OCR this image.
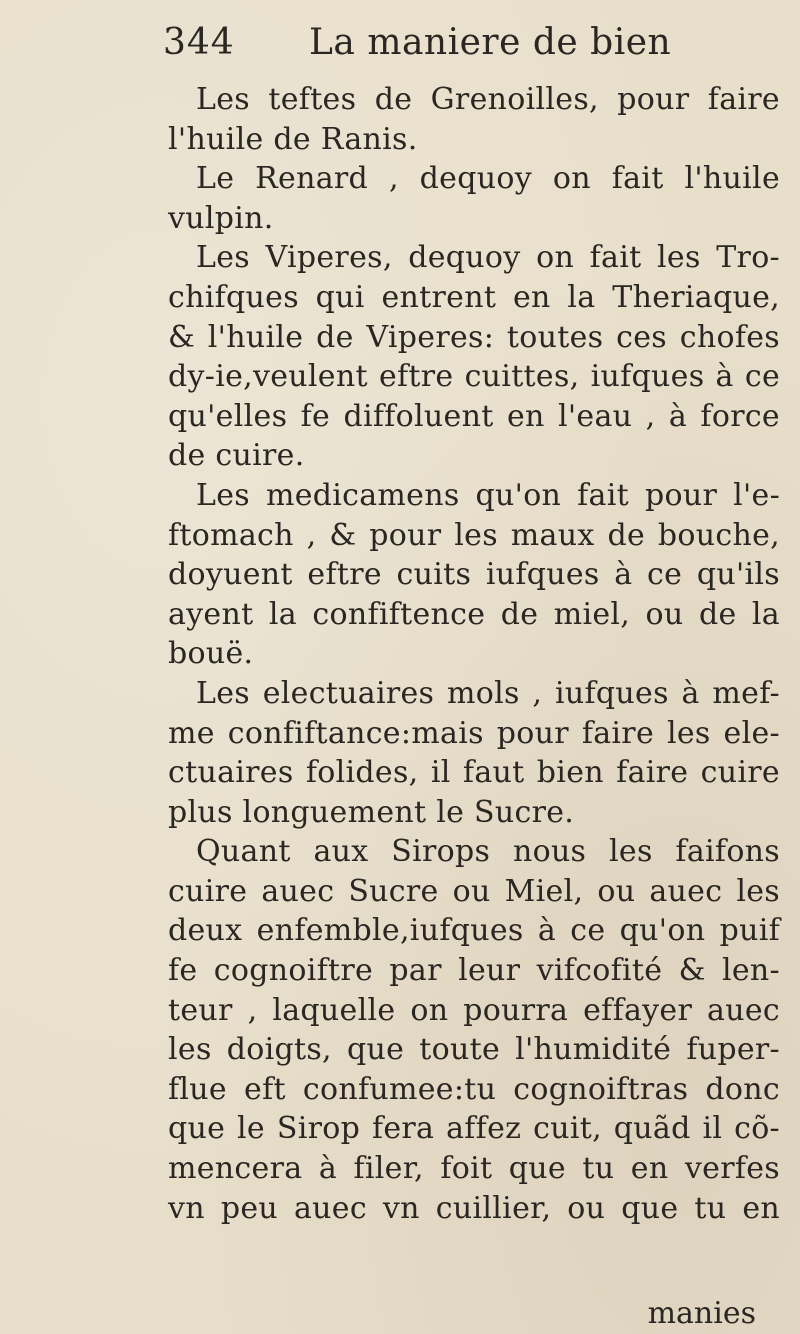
344 La maniere de bien
Les teftes de Grenoilles, pour faire
l'huile de Ranis.
Le Renard , dequoy on fait l'huile
vulpin.
Les Viperes, dequoy on fait les Tro-
chifques qui entrent en la Theriaque,
& l'huile de Viperes: toutes ces chofes
dy-ie,veulent eftre cuittes, iufques à ce
qu'elles fe diffoluent en l'eau , à force
de cuire.
Les medicamens qu'on fait pour l'e-
ftomach , & pour les maux de bouche,
doyuent eftre cuits iufques à ce qu'ils
ayent la confiftence de miel, ou de la
bouë.
Les electuaires mols , iufques à mef-
me confiftance:mais pour faire les ele-
ctuaires folides, il faut bien faire cuire
plus longuement le Sucre.
Quant aux Sirops nous les faifons
cuire auec Sucre ou Miel, ou auec les
deux enfemble,iufques à ce qu'on puif
fe cognoiftre par leur vifcofité & len-
teur , laquelle on pourra effayer auec
les doigts, que toute l'humidité fuper-
flue eft confumee:tu cognoiftras donc
que le Sirop fera affez cuit, quãd il cõ-
mencera à filer, foit que tu en verfes
vn peu auec vn cuillier, ou que tu en
manies
